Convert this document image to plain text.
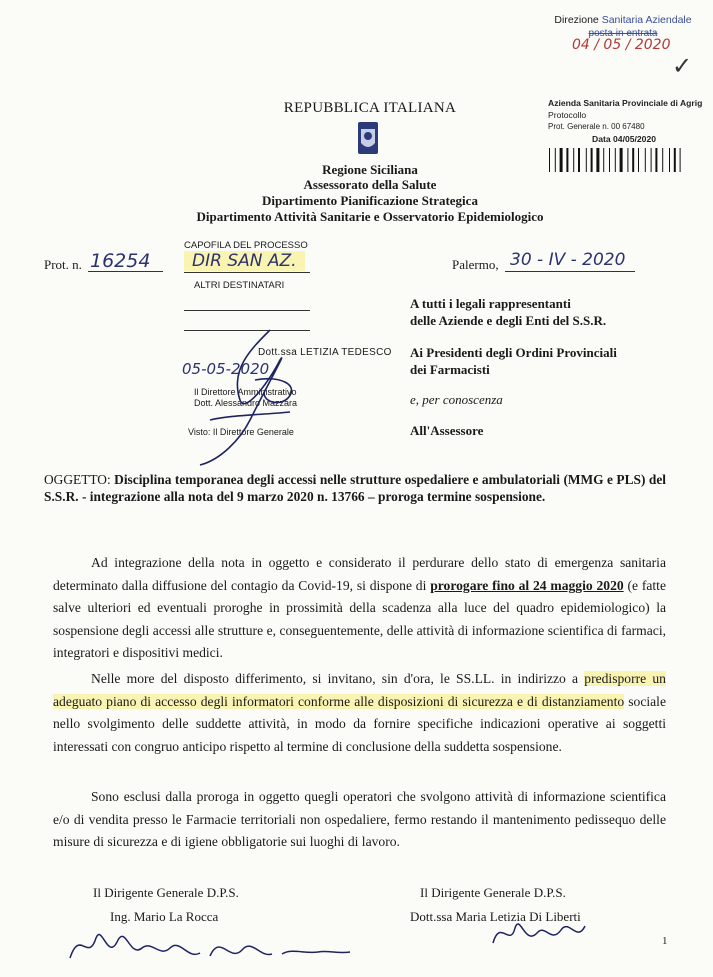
Direzione Sanitaria Aziendale
posta in entrata
04 / 05 / 2020
✓
Azienda Sanitaria Provinciale di Agrig
Protocollo
Prot. Generale n. 00 67480
Data 04/05/2020
REPUBBLICA ITALIANA
Regione Siciliana
Assessorato della Salute
Dipartimento Pianificazione Strategica
Dipartimento Attività Sanitarie e Osservatorio Epidemiologico
Prot. n. 16254
CAPOFILA DEL PROCESSO
DIR SAN AZ.
ALTRI DESTINATARI
Palermo, 30 - IV - 2020
Dott.ssa LETIZIA TEDESCO
05-05-2020
Il Direttore Amministrativo
Dott. Alessandro Mazzara
Visto: Il Direttore Generale
A tutti i legali rappresentanti
delle Aziende e degli Enti del S.S.R.
Ai Presidenti degli Ordini Provinciali
dei Farmacisti
e, per conoscenza
All'Assessore
OGGETTO: Disciplina temporanea degli accessi nelle strutture ospedaliere e ambulatoriali (MMG e PLS) del S.S.R. - integrazione alla nota del 9 marzo 2020 n. 13766 – proroga termine sospensione.
Ad integrazione della nota in oggetto e considerato il perdurare dello stato di emergenza sanitaria determinato dalla diffusione del contagio da Covid-19, si dispone di prorogare fino al 24 maggio 2020 (e fatte salve ulteriori ed eventuali proroghe in prossimità della scadenza alla luce del quadro epidemiologico) la sospensione degli accessi alle strutture e, conseguentemente, delle attività di informazione scientifica di farmaci, integratori e dispositivi medici.
Nelle more del disposto differimento, si invitano, sin d'ora, le SS.LL. in indirizzo a predisporre un adeguato piano di accesso degli informatori conforme alle disposizioni di sicurezza e di distanziamento sociale nello svolgimento delle suddette attività, in modo da fornire specifiche indicazioni operative ai soggetti interessati con congruo anticipo rispetto al termine di conclusione della suddetta sospensione.
Sono esclusi dalla proroga in oggetto quegli operatori che svolgono attività di informazione scientifica e/o di vendita presso le Farmacie territoriali non ospedaliere, fermo restando il mantenimento pedissequo delle misure di sicurezza e di igiene obbligatorie sui luoghi di lavoro.
Il Dirigente Generale D.P.S.
Ing. Mario La Rocca
Il Dirigente Generale D.P.S.
Dott.ssa Maria Letizia Di Liberti
1
